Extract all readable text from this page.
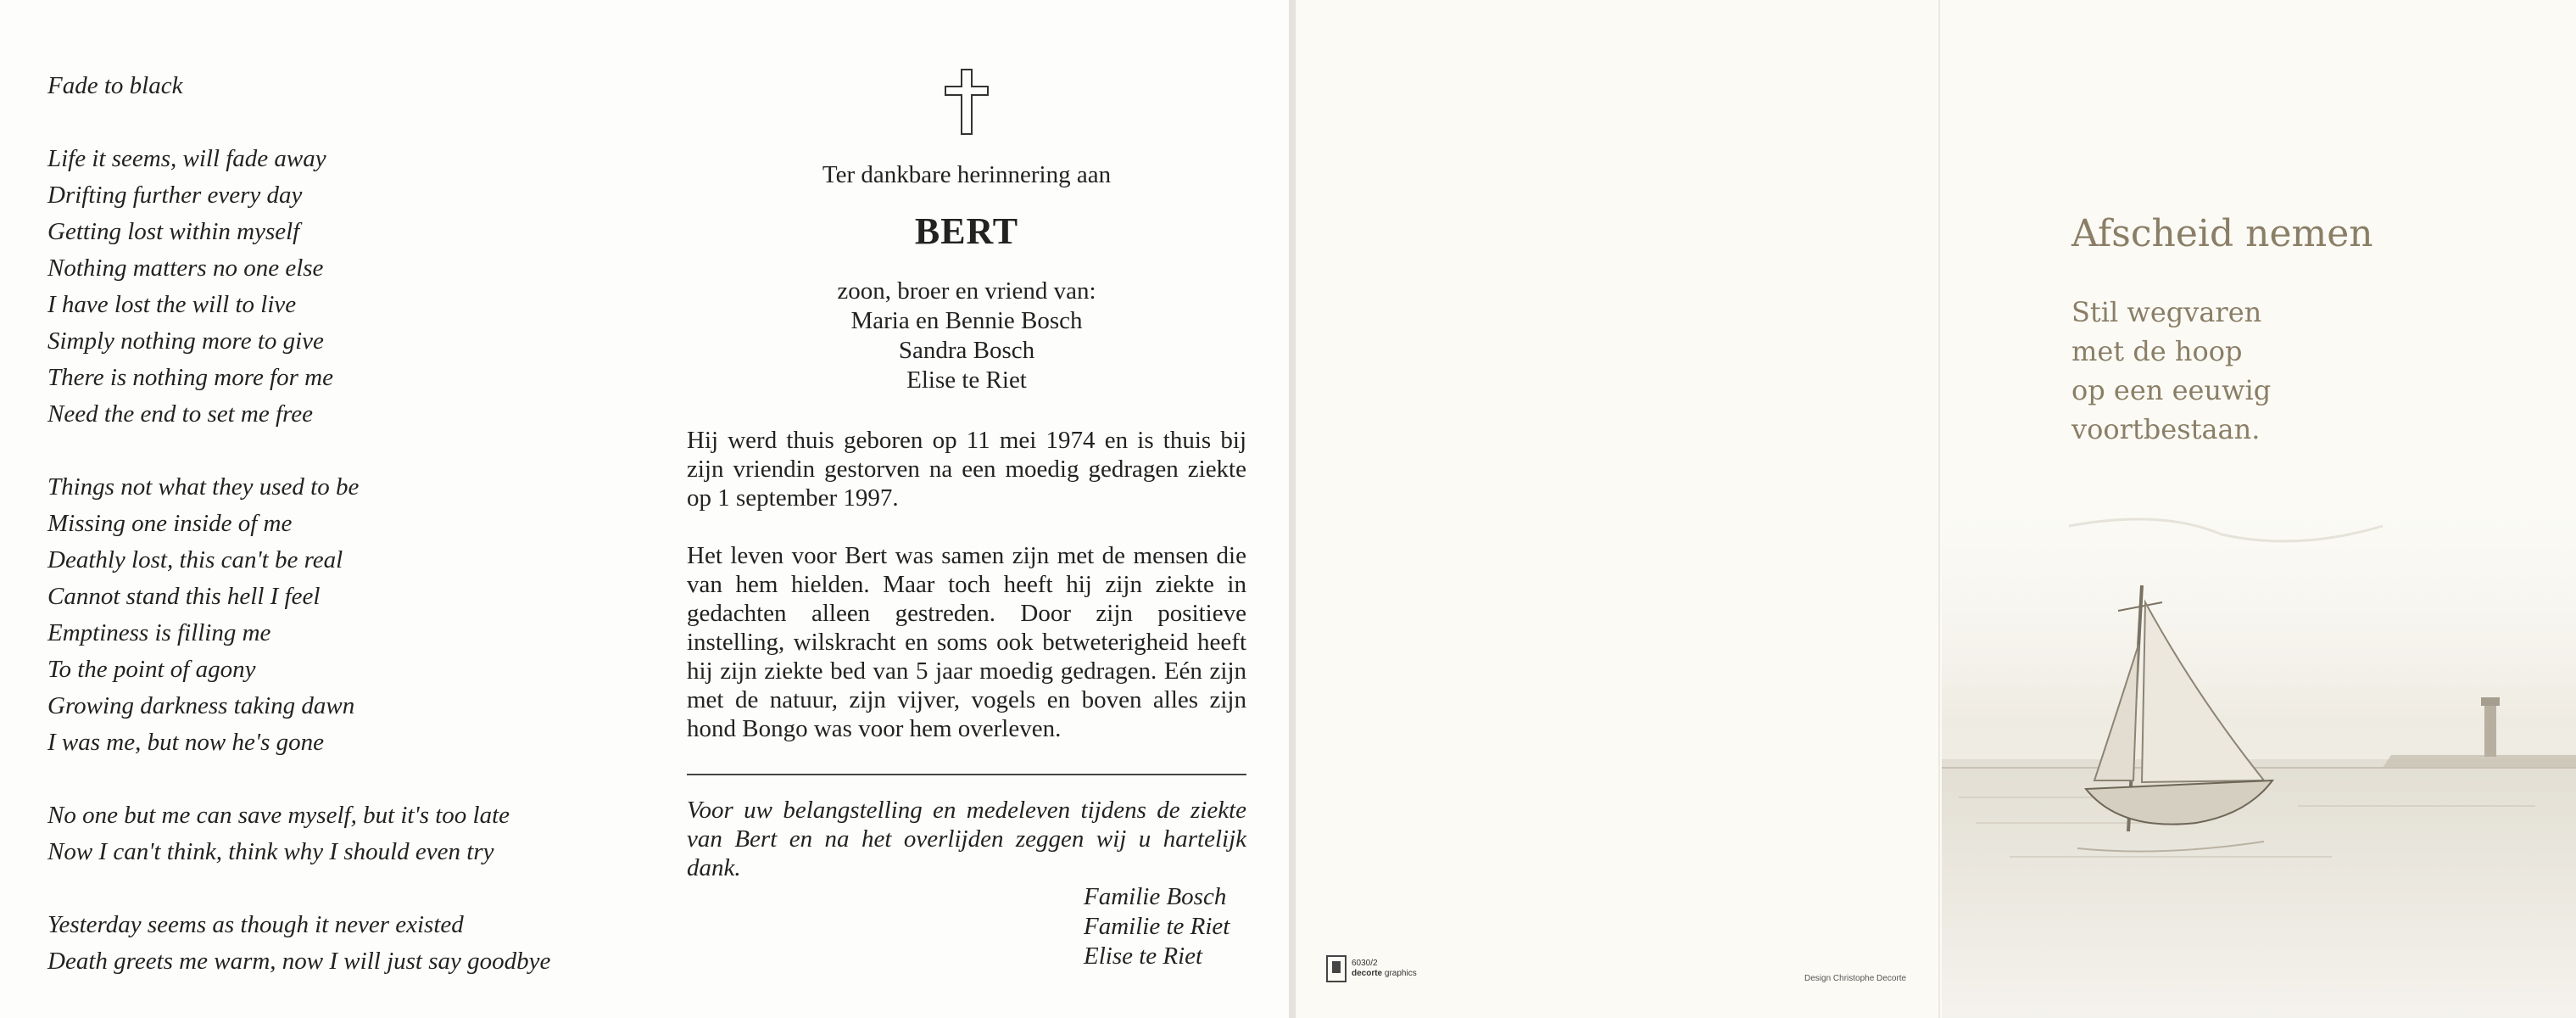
Fade to black
Life it seems, will fade away
Drifting further every day
Getting lost within myself
Nothing matters no one else
I have lost the will to live
Simply nothing more to give
There is nothing more for me
Need the end to set me free
Things not what they used to be
Missing one inside of me
Deathly lost, this can't be real
Cannot stand this hell I feel
Emptiness is filling me
To the point of agony
Growing darkness taking dawn
I was me, but now he's gone
No one but me can save myself, but it's too late
Now I can't think, think why I should even try
Yesterday seems as though it never existed
Death greets me warm, now I will just say goodbye
Ter dankbare herinnering aan
BERT
zoon, broer en vriend van:
Maria en Bennie Bosch
Sandra Bosch
Elise te Riet

Hij werd thuis geboren op 11 mei 1974 en is thuis bij zijn vriendin gestorven na een moedig gedragen ziekte op 1 september 1997.

Het leven voor Bert was samen zijn met de mensen die van hem hielden. Maar toch heeft hij zijn ziekte in gedachten alleen gestreden. Door zijn positieve instelling, wilskracht en soms ook betweterigheid heeft hij zijn ziekte bed van 5 jaar moedig gedragen. Eén zijn met de natuur, zijn vijver, vogels en boven alles zijn hond Bongo was voor hem overleven.

Voor uw belangstelling en medeleven tijdens de ziekte van Bert en na het overlijden zeggen wij u hartelijk dank.

Familie Bosch
Familie te Riet
Elise te Riet
Afscheid nemen
Stil wegvaren
met de hoop
op een eeuwig
voortbestaan.
6030/2
decorte graphics
Design Christophe Decorte
